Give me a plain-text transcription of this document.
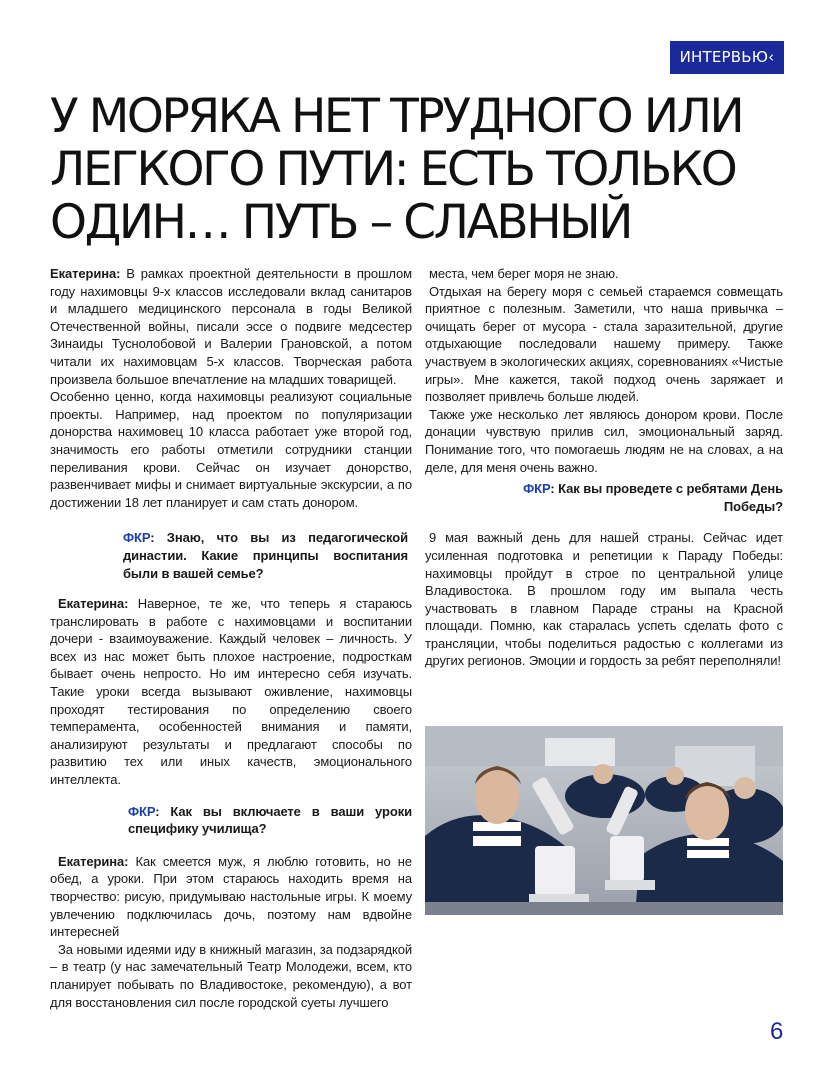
ИНТЕРВЬЮ‹
У МОРЯКА НЕТ ТРУДНОГО ИЛИ
ЛЕГКОГО ПУТИ: ЕСТЬ ТОЛЬКО
ОДИН… ПУТЬ – СЛАВНЫЙ

Екатерина: В рамках проектной деятельности в прошлом году нахимовцы 9-х классов исследовали вклад санитаров и младшего медицинского персонала в годы Великой Отечественной войны, писали эссе о подвиге медсестер Зинаиды Туснолобовой и Валерии Грановской, а потом читали их нахимовцам 5-х классов. Творческая работа произвела большое впечатление на младших товарищей.

Особенно ценно, когда нахимовцы реализуют социальные проекты. Например, над проектом по популяризации донорства нахимовец 10 класса работает уже второй год, значимость его работы отметили сотрудники станции переливания крови. Сейчас он изучает донорство, развенчивает мифы и снимает виртуальные экскурсии, а по достижении 18 лет планирует и сам стать донором.

ФКР: Знаю, что вы из педагогической династии. Какие принципы воспитания были в вашей семье?

Екатерина: Наверное, те же, что теперь я стараюсь транслировать в работе с нахимовцами и воспитании дочери - взаимоуважение. Каждый человек – личность. У всех из нас может быть плохое настроение, подросткам бывает очень непросто. Но им интересно себя изучать. Такие уроки всегда вызывают оживление, нахимовцы проходят тестирования по определению своего темперамента, особенностей внимания и памяти, анализируют результаты и предлагают способы по развитию тех или иных качеств, эмоционального интеллекта.

ФКР: Как вы включаете в ваши уроки специфику училища?

Екатерина: Как смеется муж, я люблю готовить, но не обед, а уроки. При этом стараюсь находить время на творчество: рисую, придумываю настольные игры. К моему увлечению подключилась дочь, поэтому нам вдвойне интересней

За новыми идеями иду в книжный магазин, за подзарядкой – в театр (у нас замечательный Театр Молодежи, всем, кто планирует побывать по Владивостоке, рекомендую), а вот для восстановления сил после городской суеты лучшего

места, чем берег моря не знаю.

Отдыхая на берегу моря с семьей стараемся совмещать приятное с полезным. Заметили, что наша привычка – очищать берег от мусора - стала заразительной, другие отдыхающие последовали нашему примеру. Также участвуем в экологических акциях, соревнованиях «Чистые игры». Мне кажется, такой подход очень заряжает и позволяет привлечь больше людей.

Также уже несколько лет являюсь донором крови. После донации чувствую прилив сил, эмоциональный заряд. Понимание того, что помогаешь людям не на словах, а на деле, для меня очень важно.

ФКР: Как вы проведете с ребятами День Победы?

9 мая важный день для нашей страны. Сейчас идет усиленная подготовка и репетиции к Параду Победы: нахимовцы пройдут в строе по центральной улице Владивостока. В прошлом году им выпала честь участвовать в главном Параде страны на Красной площади. Помню, как старалась успеть сделать фото с трансляции, чтобы поделиться радостью с коллегами из других регионов. Эмоции и гордость за ребят переполняли!

6
